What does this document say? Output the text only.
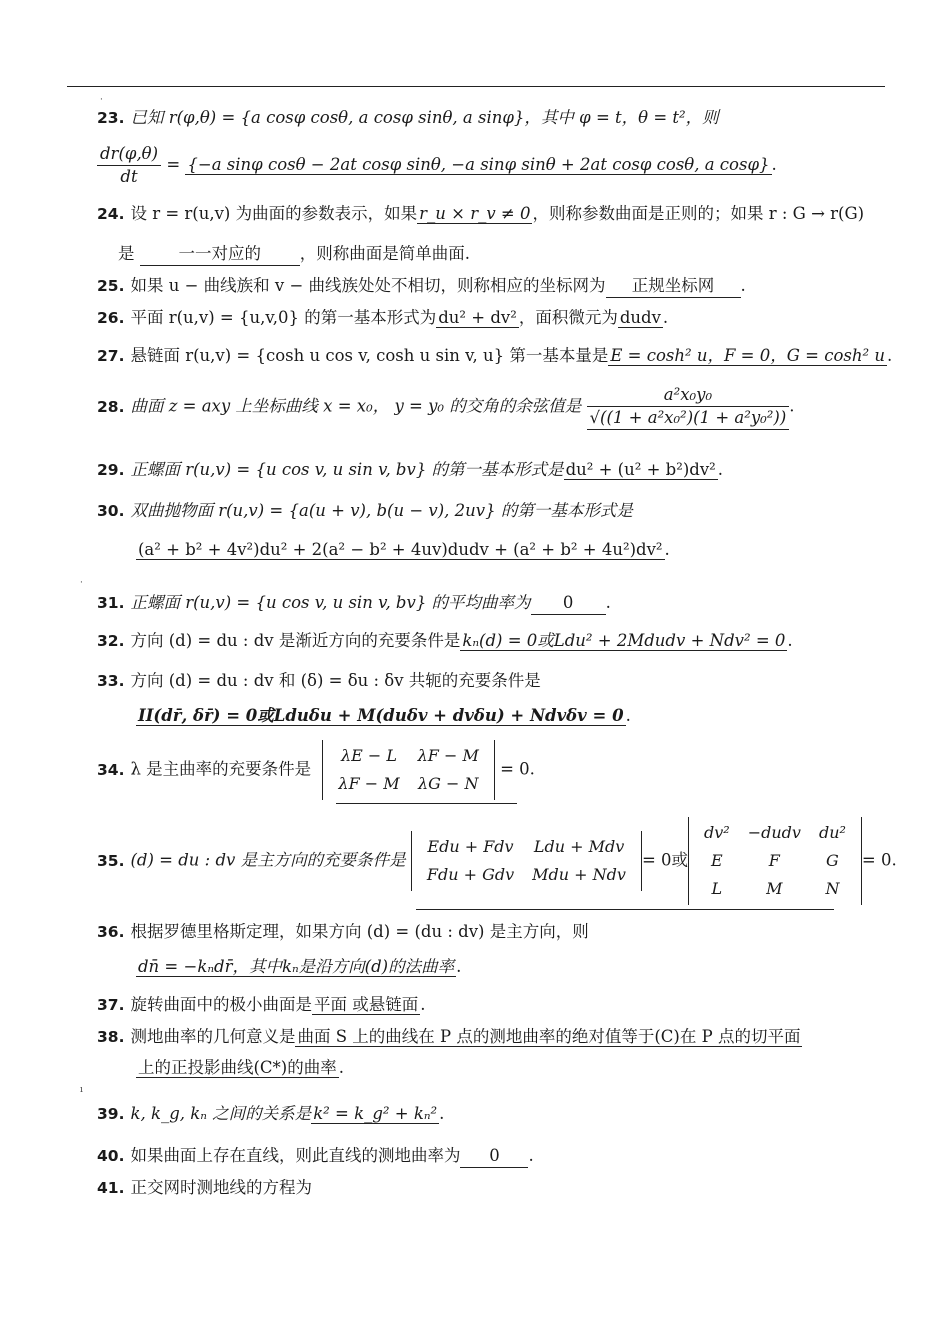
·
·
ı
23. 已知 r(φ,θ) = {a cosφ cosθ, a cosφ sinθ, a sinφ}，其中 φ = t，θ = t²，则
$\frac{dr(\varphi,\theta)}{dt} = \{-a$ sinφ cosθ − 2at cosφ sinθ, −a sinφ sinθ + 2at cosφ cosθ, a cosφ} .
24. 设 r = r(u,v) 为曲面的参数表示，如果 r_u × r_v ≠ 0 ，则称参数曲面是正则的；如果 r : G → r(G)
是	一一对应的 ，则称曲面是简单曲面.
25. 如果 u − 曲线族和 v − 曲线族处处不相切，则称相应的坐标网为 正规坐标网 .
26. 平面 r(u,v) = {u,v,0} 的第一基本形式为 du² + dv² ，面积微元为 dudv .
27. 悬链面 r(u,v) = {cosh u cos v, cosh u sin v, u} 第一基本量是 E = cosh² u，F = 0，G = cosh² u .
28. 曲面 z = axy 上坐标曲线 x = x₀， y = y₀ 的交角的余弦值是 $\frac{\text{a²x₀y₀}}{\text{√((1 + a²x₀²)(1 + a²y₀²))}}$ .
29. 正螺面 r(u,v) = {u cos v, u sin v, bv} 的第一基本形式是 du² + (u² + b²)dv² .
30. 双曲抛物面 r(u,v) = {a(u + v), b(u − v), 2uv} 的第一基本形式是
(a² + b² + 4v²)du² + 2(a² − b² + 4uv)dudv + (a² + b² + 4u²)dv² .
31. 正螺面 r(u,v) = {u cos v, u sin v, bv} 的平均曲率为 0 .
32. 方向 (d) = du : dv 是渐近方向的充要条件是 kₙ(d) = 0或Ldu² + 2Mdudv + Ndv² = 0 .
33. 方向 (d) = du : dv 和 (δ) = δu : δv 共轭的充要条件是
II(dr̄, δr̄) = 0或Lduδu + M(duδv + dvδu) + Ndvδv = 0 .
34. λ 是主曲率的充要条件是
λE − L	λF − M
λF − M	λG − N
= 0.
35. (d) = du : dv 是主方向的充要条件是
Edu + Fdv	Ldu + Mdv
Fdu + Gdv	Mdu + Ndv
= 0或
dv²	−dudv	du²
E	F	G
L	M	N
= 0.
36. 根据罗德里格斯定理，如果方向 (d) = (du : dv) 是主方向，则
dn̄ = −kₙdr̄，其中kₙ是沿方向(d)的法曲率 .
37. 旋转曲面中的极小曲面是 平面 或悬链面 .
38. 测地曲率的几何意义是 曲面 S 上的曲线在 P 点的测地曲率的绝对值等于(C)在 P 点的切平面
上的正投影曲线(C*)的曲率 .
39. k, k_g, kₙ 之间的关系是 k² = k_g² + kₙ² .
40. 如果曲面上存在直线，则此直线的测地曲率为 0 .
41. 正交网时测地线的方程为
